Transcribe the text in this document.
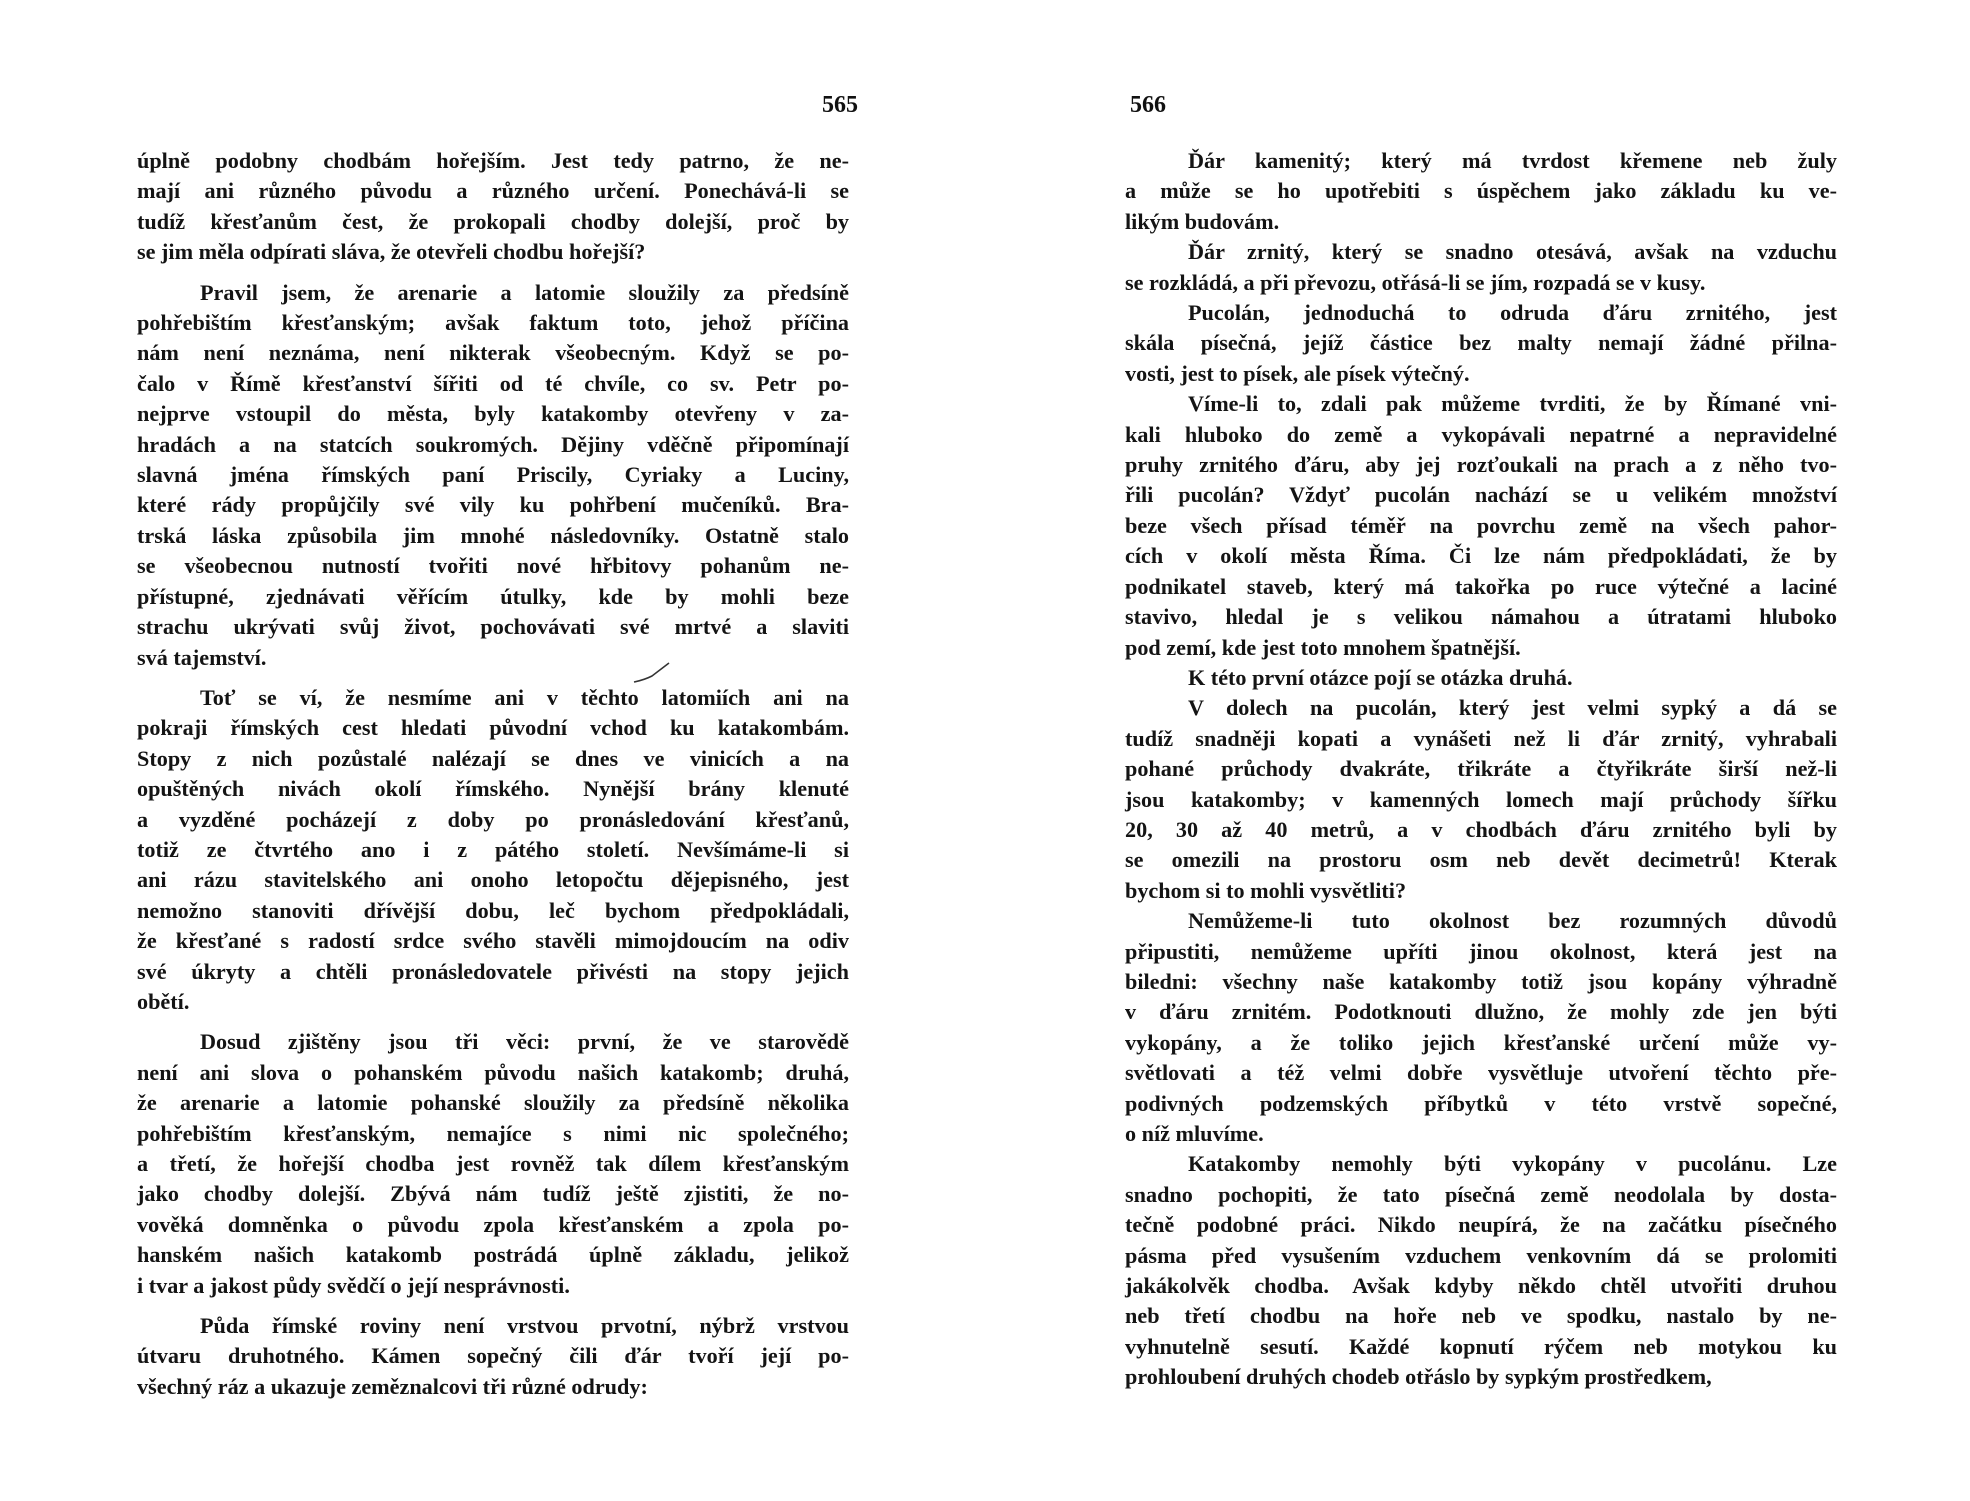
565
úplně podobny chodbám hořejším. Jest tedy patrno, že ne-
mají ani různého původu a různého určení. Ponechává-li se
tudíž křesťanům čest, že prokopali chodby dolejší, proč by
se jim měla odpírati sláva, že otevřeli chodbu hořejší?
Pravil jsem, že arenarie a latomie sloužily za předsíně
pohřebištím křesťanským; avšak faktum toto, jehož příčina
nám není neznáma, není nikterak všeobecným. Když se po-
čalo v Římě křesťanství šířiti od té chvíle, co sv. Petr po-
nejprve vstoupil do města, byly katakomby otevřeny v za-
hradách a na statcích soukromých. Dějiny vděčně připomínají
slavná jména římských paní Priscily, Cyriaky a Luciny,
které rády propůjčily své vily ku pohřbení mučeníků. Bra-
trská láska způsobila jim mnohé následovníky. Ostatně stalo
se všeobecnou nutností tvořiti nové hřbitovy pohanům ne-
přístupné, zjednávati věřícím útulky, kde by mohli beze
strachu ukrývati svůj život, pochovávati své mrtvé a slaviti
svá tajemství.
Toť se ví, že nesmíme ani v těchto latomiích ani na
pokraji římských cest hledati původní vchod ku katakombám.
Stopy z nich pozůstalé nalézají se dnes ve vinicích a na
opuštěných nivách okolí římského. Nynější brány klenuté
a vyzděné pocházejí z doby po pronásledování křesťanů,
totiž ze čtvrtého ano i z pátého století. Nevšímáme-li si
ani rázu stavitelského ani onoho letopočtu dějepisného, jest
nemožno stanoviti dřívější dobu, leč bychom předpokládali,
že křesťané s radostí srdce svého stavěli mimojdoucím na odiv
své úkryty a chtěli pronásledovatele přivésti na stopy jejich
obětí.
Dosud zjištěny jsou tři věci: první, že ve starovědě
není ani slova o pohanském původu našich katakomb; druhá,
že arenarie a latomie pohanské sloužily za předsíně několika
pohřebištím křesťanským, nemajíce s nimi nic společného;
a třetí, že hořejší chodba jest rovněž tak dílem křesťanským
jako chodby dolejší. Zbývá nám tudíž ještě zjistiti, že no-
vověká domněnka o původu zpola křesťanském a zpola po-
hanském našich katakomb postrádá úplně základu, jelikož
i tvar a jakost půdy svědčí o její nesprávnosti.
Půda římské roviny není vrstvou prvotní, nýbrž vrstvou
útvaru druhotného. Kámen sopečný čili ďár tvoří její po-
všechný ráz a ukazuje zeměznalcovi tři různé odrudy:
566
Ďár kamenitý; který má tvrdost křemene neb žuly
a může se ho upotřebiti s úspěchem jako základu ku ve-
likým budovám.
Ďár zrnitý, který se snadno otesává, avšak na vzduchu
se rozkládá, a při převozu, otřásá-li se jím, rozpadá se v kusy.
Pucolán, jednoduchá to odruda ďáru zrnitého, jest
skála písečná, jejíž částice bez malty nemají žádné přilna-
vosti, jest to písek, ale písek výtečný.
Víme-li to, zdali pak můžeme tvrditi, že by Římané vni-
kali hluboko do země a vykopávali nepatrné a nepravidelné
pruhy zrnitého ďáru, aby jej rozťoukali na prach a z něho tvo-
řili pucolán? Vždyť pucolán nachází se u velikém množství
beze všech přísad téměř na povrchu země na všech pahor-
cích v okolí města Říma. Či lze nám předpokládati, že by
podnikatel staveb, který má takořka po ruce výtečné a laciné
stavivo, hledal je s velikou námahou a útratami hluboko
pod zemí, kde jest toto mnohem špatnější.
K této první otázce pojí se otázka druhá.
V dolech na pucolán, který jest velmi sypký a dá se
tudíž snadněji kopati a vynášeti než li ďár zrnitý, vyhrabali
pohané průchody dvakráte, třikráte a čtyřikráte širší než-li
jsou katakomby; v kamenných lomech mají průchody šířku
20, 30 až 40 metrů, a v chodbách ďáru zrnitého byli by
se omezili na prostoru osm neb devět decimetrů! Kterak
bychom si to mohli vysvětliti?
Nemůžeme-li tuto okolnost bez rozumných důvodů
připustiti, nemůžeme upříti jinou okolnost, která jest na
biledni: všechny naše katakomby totiž jsou kopány výhradně
v ďáru zrnitém. Podotknouti dlužno, že mohly zde jen býti
vykopány, a že toliko jejich křesťanské určení může vy-
světlovati a též velmi dobře vysvětluje utvoření těchto pře-
podivných podzemských příbytků v této vrstvě sopečné,
o níž mluvíme.
Katakomby nemohly býti vykopány v pucolánu. Lze
snadno pochopiti, že tato písečná země neodolala by dosta-
tečně podobné práci. Nikdo neupírá, že na začátku písečného
pásma před vysušením vzduchem venkovním dá se prolomiti
jakákolvěk chodba. Avšak kdyby někdo chtěl utvořiti druhou
neb třetí chodbu na hoře neb ve spodku, nastalo by ne-
vyhnutelně sesutí. Každé kopnutí rýčem neb motykou ku
prohloubení druhých chodeb otřáslo by sypkým prostředkem,
